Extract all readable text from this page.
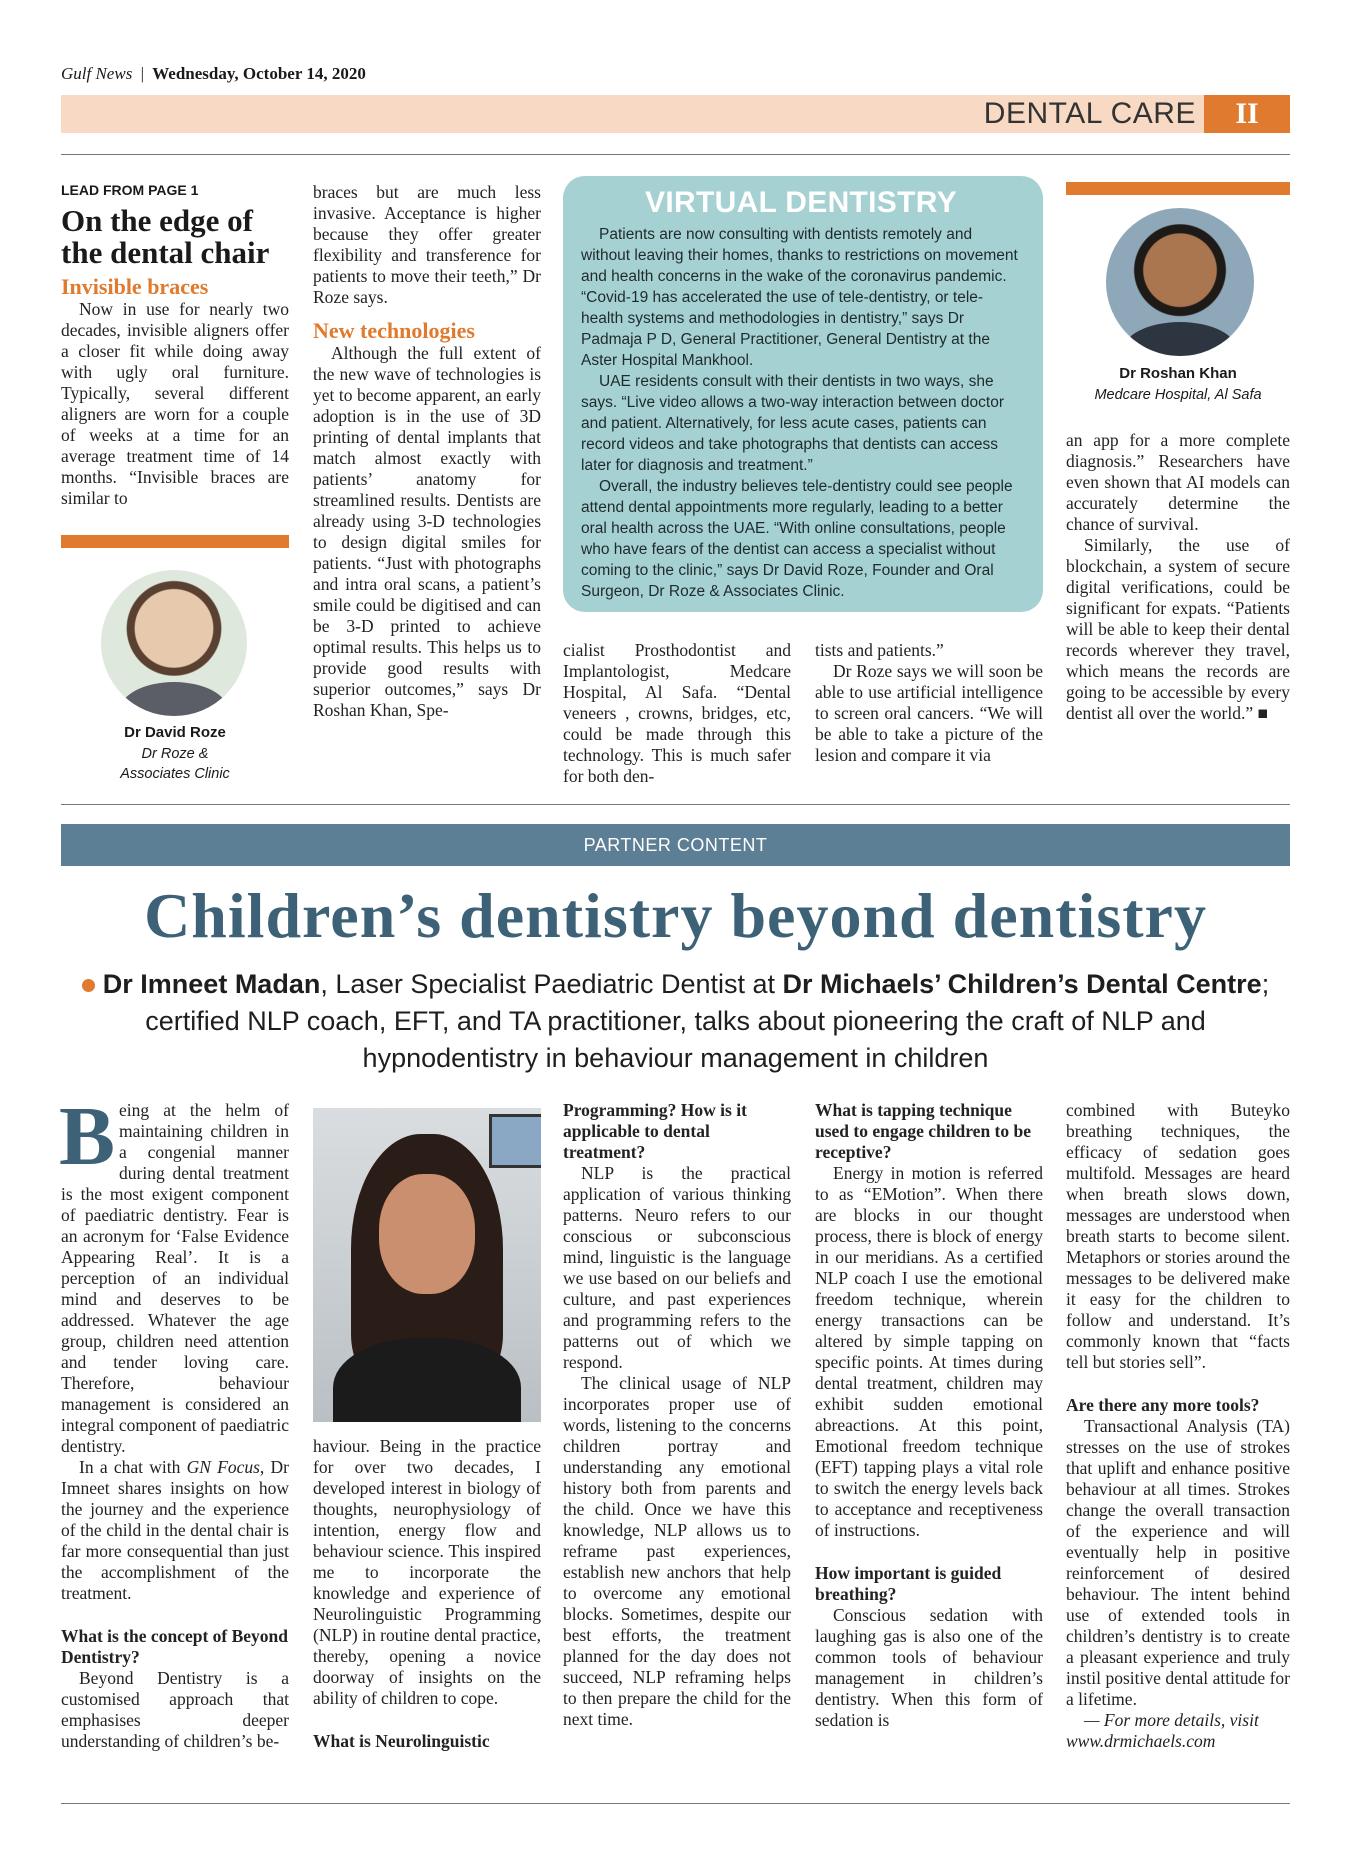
Gulf News | Wednesday, October 14, 2020
DENTAL CARE	II
LEAD FROM PAGE 1
On the edge of the dental chair
Invisible braces

Now in use for nearly two decades, invisible aligners offer a closer fit while doing away with ugly oral furniture. Typically, several different aligners are worn for a couple of weeks at a time for an average treatment time of 14 months. “Invisible braces are similar to

Dr David Roze
Dr Roze &
Associates Clinic

braces but are much less invasive. Acceptance is higher because they offer greater flexibility and transference for patients to move their teeth,” Dr Roze says.

New technologies

Although the full extent of the new wave of technologies is yet to become apparent, an early adoption is in the use of 3D printing of dental implants that match almost exactly with patients’ anatomy for streamlined results. Dentists are already using 3-D technologies to design digital smiles for patients. “Just with photographs and intra oral scans, a patient’s smile could be digitised and can be 3-D printed to achieve optimal results. This helps us to provide good results with superior outcomes,” says Dr Roshan Khan, Spe-

VIRTUAL DENTISTRY

Patients are now consulting with dentists remotely and without leaving their homes, thanks to restrictions on movement and health concerns in the wake of the coronavirus pandemic. “Covid-19 has accelerated the use of tele-dentistry, or tele-health systems and methodologies in dentistry,” says Dr Padmaja P D, General Practitioner, General Dentistry at the Aster Hospital Mankhool.

UAE residents consult with their dentists in two ways, she says. “Live video allows a two-way interaction between doctor and patient. Alternatively, for less acute cases, patients can record videos and take photographs that dentists can access later for diagnosis and treatment.”

Overall, the industry believes tele-dentistry could see people attend dental appointments more regularly, leading to a better oral health across the UAE. “With online consultations, people who have fears of the dentist can access a specialist without coming to the clinic,” says Dr David Roze, Founder and Oral Surgeon, Dr Roze & Associates Clinic.

cialist Prosthodontist and Implantologist, Medcare Hospital, Al Safa. “Dental veneers , crowns, bridges, etc, could be made through this technology. This is much safer for both den-

tists and patients.”

Dr Roze says we will soon be able to use artificial intelligence to screen oral cancers. “We will be able to take a picture of the lesion and compare it via

Dr Roshan Khan
Medcare Hospital, Al Safa

an app for a more complete diagnosis.” Researchers have even shown that AI models can accurately determine the chance of survival.

Similarly, the use of blockchain, a system of secure digital verifications, could be significant for expats. “Patients will be able to keep their dental records wherever they travel, which means the records are going to be accessible by every dentist all over the world.” ■

PARTNER CONTENT
Children’s dentistry beyond dentistry
Dr Imneet Madan, Laser Specialist Paediatric Dentist at Dr Michaels’ Children’s Dental Centre; certified NLP coach, EFT, and TA practitioner, talks about pioneering the craft of NLP and hypnodentistry in behaviour management in children
B eing at the helm of maintaining children in a congenial manner during dental treatment is the most exigent component of paediatric dentistry. Fear is an acronym for ‘False Evidence Appearing Real’. It is a perception of an individual mind and deserves to be addressed. Whatever the age group, children need attention and tender loving care. Therefore, behaviour management is considered an integral component of paediatric dentistry.

In a chat with GN Focus, Dr Imneet shares insights on how the journey and the experience of the child in the dental chair is far more consequential than just the accomplishment of the treatment.

What is the concept of Beyond Dentistry?

Beyond Dentistry is a customised approach that emphasises deeper understanding of children’s be-

haviour. Being in the practice for over two decades, I developed interest in biology of thoughts, neurophysiology of intention, energy flow and behaviour science. This inspired me to incorporate the knowledge and experience of Neurolinguistic Programming (NLP) in routine dental practice, thereby, opening a novice doorway of insights on the ability of children to cope.

What is Neurolinguistic

Programming? How is it applicable to dental treatment?

NLP is the practical application of various thinking patterns. Neuro refers to our conscious or subconscious mind, linguistic is the language we use based on our beliefs and culture, and past experiences and programming refers to the patterns out of which we respond.

The clinical usage of NLP incorporates proper use of words, listening to the concerns children portray and understanding any emotional history both from parents and the child. Once we have this knowledge, NLP allows us to reframe past experiences, establish new anchors that help to overcome any emotional blocks. Sometimes, despite our best efforts, the treatment planned for the day does not succeed, NLP reframing helps to then prepare the child for the next time.

What is tapping technique used to engage children to be receptive?

Energy in motion is referred to as “EMotion”. When there are blocks in our thought process, there is block of energy in our meridians. As a certified NLP coach I use the emotional freedom technique, wherein energy transactions can be altered by simple tapping on specific points. At times during dental treatment, children may exhibit sudden emotional abreactions. At this point, Emotional freedom technique (EFT) tapping plays a vital role to switch the energy levels back to acceptance and receptiveness of instructions.

How important is guided breathing?

Conscious sedation with laughing gas is also one of the common tools of behaviour management in children’s dentistry. When this form of sedation is

combined with Buteyko breathing techniques, the efficacy of sedation goes multifold. Messages are heard when breath slows down, messages are understood when breath starts to become silent. Metaphors or stories around the messages to be delivered make it easy for the children to follow and understand. It’s commonly known that “facts tell but stories sell”.

Are there any more tools?

Transactional Analysis (TA) stresses on the use of strokes that uplift and enhance positive behaviour at all times. Strokes change the overall transaction of the experience and will eventually help in positive reinforcement of desired behaviour. The intent behind use of extended tools in children’s dentistry is to create a pleasant experience and truly instil positive dental attitude for a lifetime.

— For more details, visit

www.drmichaels.com
